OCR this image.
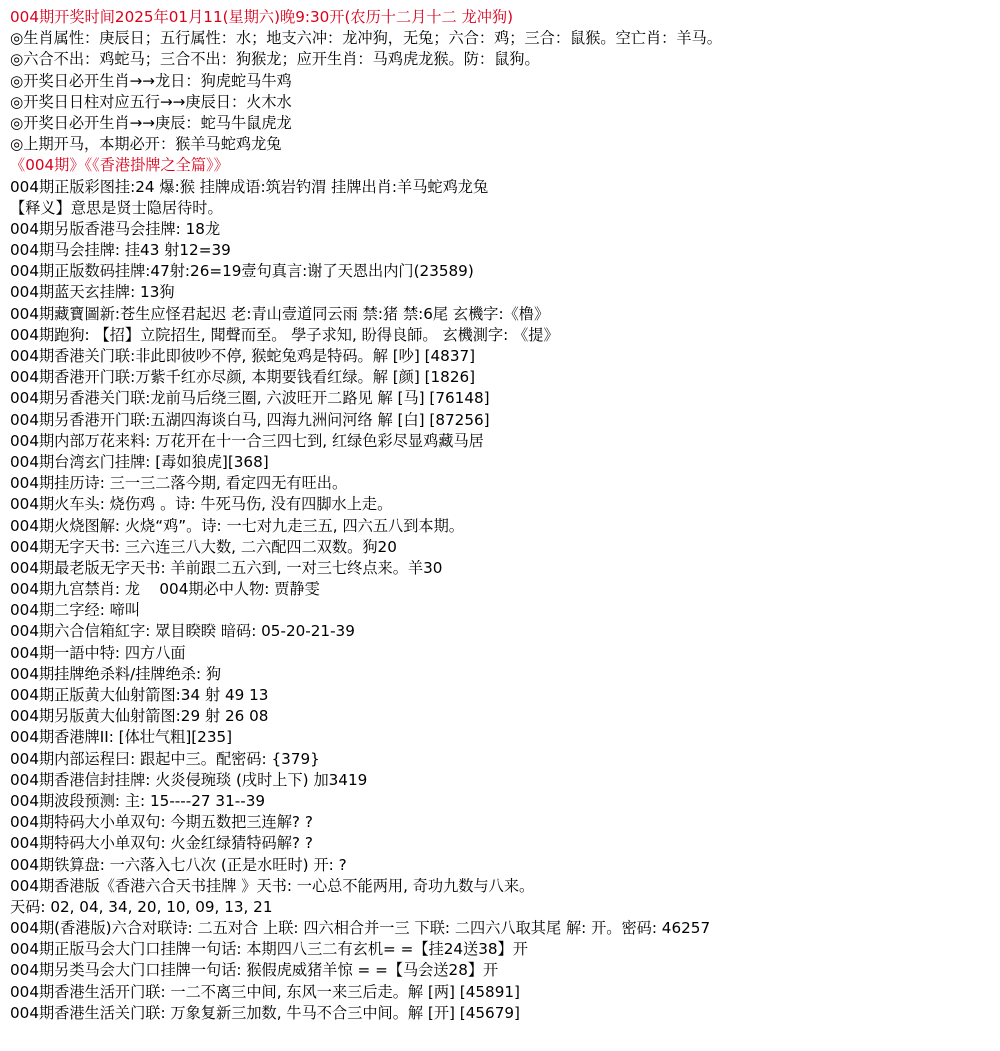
004期开奖时间2025年01月11(星期六)晚9:30开(农历十二月十二 龙冲狗)
◎生肖属性：庚辰日；五行属性：水；地支六冲：龙冲狗，无兔；六合：鸡；三合：鼠猴。空亡肖：羊马。
◎六合不出：鸡蛇马；三合不出：狗猴龙；应开生肖：马鸡虎龙猴。防：鼠狗。
◎开奖日必开生肖→→龙日：狗虎蛇马牛鸡
◎开奖日日柱对应五行→→庚辰日：火木水
◎开奖日必开生肖→→庚辰：蛇马牛鼠虎龙
◎上期开马，本期必开：猴羊马蛇鸡龙兔
《004期》《《香港掛牌之全篇》》
004期正版彩图挂:24 爆:猴 挂牌成语:筑岩钓渭 挂牌出肖:羊马蛇鸡龙兔
【释义】意思是贤士隐居待时。
004期另版香港马会挂牌: 18龙
004期马会挂牌: 挂43 射12=39
004期正版数码挂牌:47射:26=19壹句真言:谢了天恩出内门(23589)
004期蓝天玄挂牌: 13狗
004期藏寶圖新:苍生应怪君起迟 老:青山壹道同云雨 禁:猪 禁:6尾 玄機字:《橹》
004期跑狗: 【招】立院招生, 聞聲而至。 學子求知, 盼得良師。 玄機測字: 《提》
004期香港关门联:非此即彼吵不停, 猴蛇兔鸡是特码。解 [吵] [4837]
004期香港开门联:万紫千红亦尽颜, 本期要钱看红绿。解 [颜] [1826]
004期另香港关门联:龙前马后绕三圈, 六波旺开二路见 解 [马] [76148]
004期另香港开门联:五湖四海谈白马, 四海九洲问河络 解 [白] [87256]
004期内部万花来料: 万花开在十一合三四七到, 红绿色彩尽显鸡藏马居
004期台湾玄门挂牌: [毒如狼虎][368]
004期挂历诗: 三一三二落今期, 看定四无有旺出。
004期火车头: 烧伤鸡 。诗: 牛死马伤, 没有四脚水上走。
004期火烧图解: 火烧“鸡”。诗: 一七对九走三五, 四六五八到本期。
004期无字天书: 三六连三八大数, 二六配四二双数。狗20
004期最老版无字天书: 羊前跟二五六到, 一对三七终点来。羊30
004期九宫禁肖: 龙    004期必中人物: 贾静雯
004期二字经: 啼叫
004期六合信箱紅字: 眾目睽睽 暗码: 05-20-21-39
004期一語中特: 四方八面
004期挂牌绝杀料/挂牌绝杀: 狗
004期正版黄大仙射箭图:34 射 49 13
004期另版黄大仙射箭图:29 射 26 08
004期香港牌II: [体壮气粗][235]
004期内部运程曰: 跟起中三。配密码: {379}
004期香港信封挂牌: 火炎侵琬琰 (戌时上下) 加3419
004期波段预测: 主: 15----27 31--39
004期特码大小单双句: 今期五数把三连解? ?
004期特码大小单双句: 火金红绿猜特码解? ?
004期铁算盘: 一六落入七八次 (正是水旺时) 开: ?
004期香港版《香港六合天书挂牌 》天书: 一心总不能两用, 奇功九数与八来。
天码: 02, 04, 34, 20, 10, 09, 13, 21
004期(香港版)六合对联诗: 二五对合 上联: 四六相合并一三 下联: 二四六八取其尾 解: 开。密码: 46257
004期正版马会大门口挂牌一句话: 本期四八三二有玄机= =【挂24送38】开
004期另类马会大门口挂牌一句话: 猴假虎威猪羊惊 = =【马会送28】开
004期香港生活开门联: 一二不离三中间, 东风一来三后走。解 [两] [45891]
004期香港生活关门联: 万象复新三加数, 牛马不合三中间。解 [开] [45679]
